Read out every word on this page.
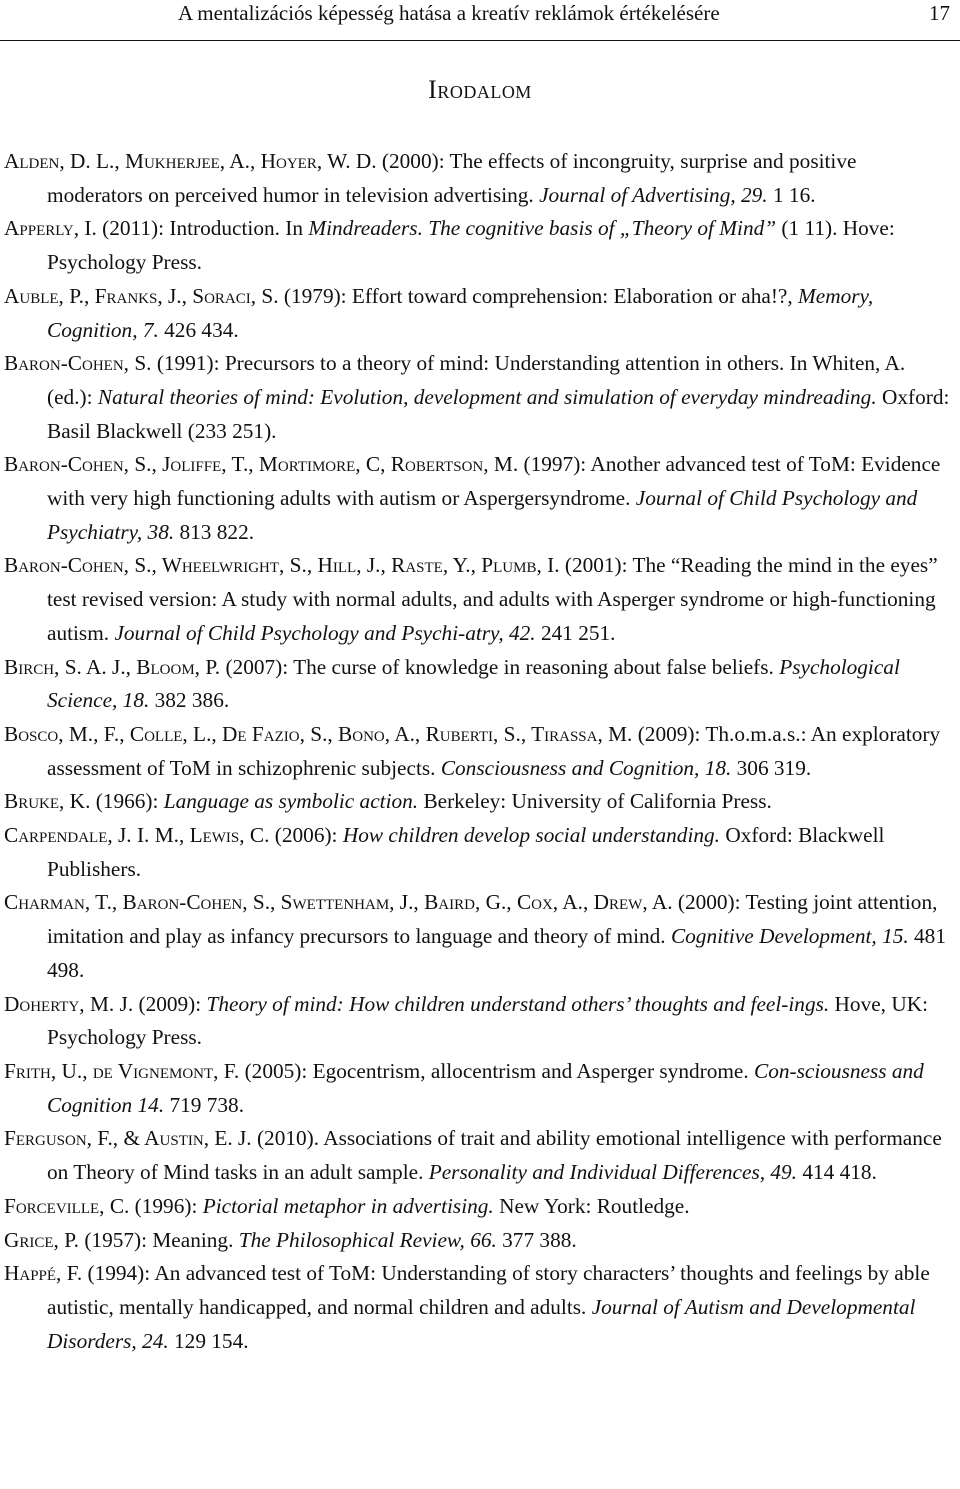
A mentalizációs képesség hatása a kreatív reklámok értékelésére	17
Irodalom

Alden, D. L., Mukherjee, A., Hoyer, W. D. (2000): The effects of incongruity, surprise and positive moderators on perceived humor in television advertising. Journal of Advertising, 29. 1 16.

Apperly, I. (2011): Introduction. In Mindreaders. The cognitive basis of „Theory of Mind” (1 11). Hove: Psychology Press.

Auble, P., Franks, J., Soraci, S. (1979): Effort toward comprehension: Elaboration or aha!?, Memory, Cognition, 7. 426 434.

Baron-Cohen, S. (1991): Precursors to a theory of mind: Understanding attention in others. In Whiten, A. (ed.): Natural theories of mind: Evolution, development and simulation of everyday mindreading. Oxford: Basil Blackwell (233 251).

Baron-Cohen, S., Joliffe, T., Mortimore, C, Robertson, M. (1997): Another advanced test of ToM: Evidence with very high functioning adults with autism or Aspergersyndrome. Journal of Child Psychology and Psychiatry, 38. 813 822.

Baron-Cohen, S., Wheelwright, S., Hill, J., Raste, Y., Plumb, I. (2001): The “Reading the mind in the eyes” test revised version: A study with normal adults, and adults with Asperger syndrome or high-functioning autism. Journal of Child Psychology and Psychi-atry, 42. 241 251.

Birch, S. A. J., Bloom, P. (2007): The curse of knowledge in reasoning about false beliefs. Psychological Science, 18. 382 386.

Bosco, M., F., Colle, L., De Fazio, S., Bono, A., Ruberti, S., Tirassa, M. (2009): Th.o.m.a.s.: An exploratory assessment of ToM in schizophrenic subjects. Consciousness and Cognition, 18. 306 319.

Bruke, K. (1966): Language as symbolic action. Berkeley: University of California Press.

Carpendale, J. I. M., Lewis, C. (2006): How children develop social understanding. Oxford: Blackwell Publishers.

Charman, T., Baron-Cohen, S., Swettenham, J., Baird, G., Cox, A., Drew, A. (2000): Testing joint attention, imitation and play as infancy precursors to language and theory of mind. Cognitive Development, 15. 481 498.

Doherty, M. J. (2009): Theory of mind: How children understand others’ thoughts and feel-ings. Hove, UK: Psychology Press.

Frith, U., de Vignemont, F. (2005): Egocentrism, allocentrism and Asperger syndrome. Con-sciousness and Cognition 14. 719 738.

Ferguson, F., & Austin, E. J. (2010). Associations of trait and ability emotional intelligence with performance on Theory of Mind tasks in an adult sample. Personality and Individual Differences, 49. 414 418.

Forceville, C. (1996): Pictorial metaphor in advertising. New York: Routledge.

Grice, P. (1957): Meaning. The Philosophical Review, 66. 377 388.

Happé, F. (1994): An advanced test of ToM: Understanding of story characters’ thoughts and feelings by able autistic, mentally handicapped, and normal children and adults. Journal of Autism and Developmental Disorders, 24. 129 154.
